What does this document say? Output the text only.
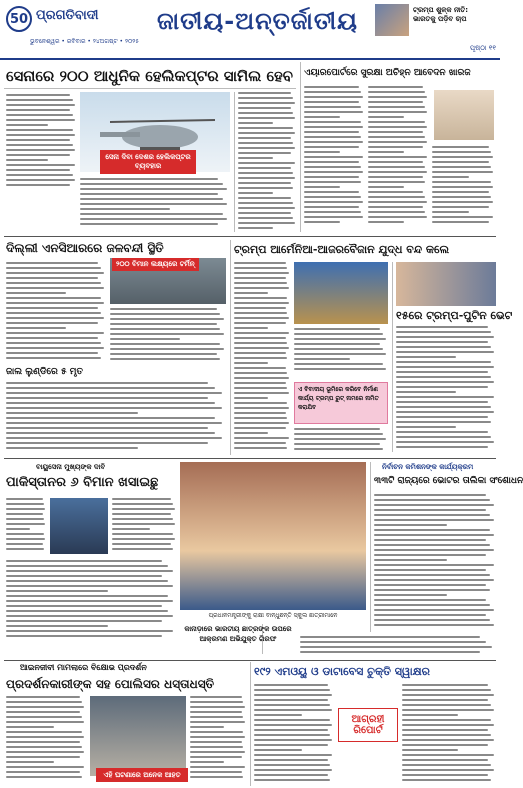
50 ପ୍ରଗତିବାଦୀ
ଭୁବନେଶ୍ୱର • ରବିବାର • ୨୪ଅଗଷ୍ଟ • ୨୦୨୫
ଜାତୀୟ-ଅନ୍ତର୍ଜାତୀୟ	ଟ୍ରମ୍ପ ଶୁଳ୍କ ନୀତି: ଭାରତକୁ ପଡ଼ିବ ଚାପ
ପୃଷ୍ଠା ୧୧
ସେନାରେ ୨୦୦ ଆଧୁନିକ ହେଲିକପ୍ଟର ସାମିଲ ହେବ
ସେନା ଦିବା ଦେଶର ହେଲିକପ୍ଟର ବ୍ୟବହାର
ଏୟାରପୋର୍ଟରେ ସୁରକ୍ଷା ଅଚିହ୍ନ ଆବେଦନ ଖାରଜ
ଦିଲ୍ଲୀ ଏନସିଆରରେ ଜଳବନ୍ଦୀ ସ୍ଥିତି
୨୦୦ ବିମାନ ଲକ୍ଷ୍ୟରେ ଟର୍ମିନ୍
ଜାଲ ଲୁଣ୍ଡିରେ ୫ ମୃତ
ଟ୍ରମ୍ପ ଆର୍ମେନିଆ-ଆଜରବୈଜାନ ଯୁଦ୍ଧ ବନ୍ଦ କଲେ
ଏ ବିବାଦୀୟ ଭୂମିରେ କରିବେ ନିର୍ମାଣ କାର୍ଯ୍ୟ ଟ୍ରମ୍ପ ରୁଟ୍ ନାମରେ ନାମିତ କରାଯିବ
୧୫ରେ ଟ୍ରମ୍ପ-ପୁଟିନ ଭେଟ
ବାୟୁସେନା ମୁଖ୍ୟଙ୍କ ଦାବି
ପାକିସ୍ତାନର ୬ ବିମାନ ଖସାଇଛୁ
ପ୍ରଧାନମନ୍ତ୍ରୀଙ୍କୁ ରାକ୍ଷୀ ବାନ୍ଧୁଛନ୍ତି ସ୍କୁଲ ଛାତ୍ରୀମାନେ
ନିର୍ବାଚନ କମିଶନଙ୍କ କାର୍ଯ୍ୟକ୍ରମ
୩୩ଟି ରାଜ୍ୟରେ ଭୋଟର ତାଲିକା ସଂଶୋଧନ
କାନାଡ଼ାରେ ଭାରତୀୟ ଛାତ୍ରଙ୍କ ଉପରେ ଆକ୍ରମଣ ଅଭିଯୁକ୍ତ ଗିରଫ
ଆଇନଜୀବୀ ମାମଲାରେ ବିକ୍ଷୋଭ ପ୍ରଦର୍ଶନ
ପ୍ରଦର୍ଶନକାରୀଙ୍କ ସହ ପୋଲିସର ଧସ୍ତାଧସ୍ତି
ଏହି ଘଟଣାରେ ଅନେକ ଆହତ
୧୯୨ ଏମଓୟୁ ଓ ଡାଟାବେସ ଚୁକ୍ତି ସ୍ୱାକ୍ଷର
ଆଗ୍ରହୀ ରିପୋର୍ଟ
